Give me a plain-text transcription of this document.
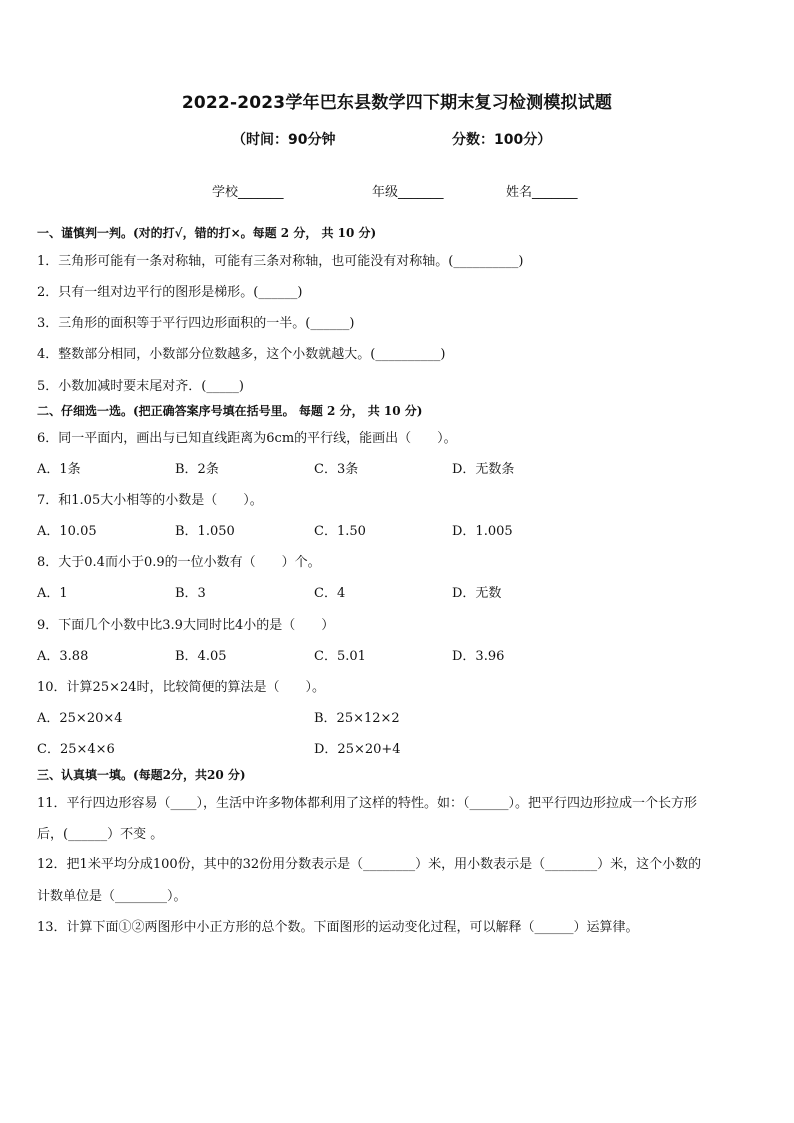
2022-2023学年巴东县数学四下期末复习检测模拟试题
（时间：90分钟	分数：100分）
学校_______	年级_______	姓名_______
一、谨慎判一判。(对的打√，错的打×。每题 2 分， 共 10 分)
1．三角形可能有一条对称轴，可能有三条对称轴，也可能没有对称轴。(__________)
2．只有一组对边平行的图形是梯形。(______)
3．三角形的面积等于平行四边形面积的一半。(______)
4．整数部分相同，小数部分位数越多，这个小数就越大。(__________)
5．小数加减时要末尾对齐．(_____)
二、仔细选一选。(把正确答案序号填在括号里。 每题 2 分， 共 10 分)
6．同一平面内，画出与已知直线距离为6cm的平行线，能画出（　　）。
A．1条	B．2条	C．3条	D．无数条
7．和1.05大小相等的小数是（　　）。
A．10.05	B．1.050	C．1.50	D．1.005
8．大于0.4而小于0.9的一位小数有（　　）个。
A．1	B．3	C．4	D．无数
9．下面几个小数中比3.9大同时比4小的是（　　）
A．3.88	B．4.05	C．5.01	D．3.96
10．计算25×24时，比较简便的算法是（　　）。
A．25×20×4	B．25×12×2
C．25×4×6	D．25×20+4
三、认真填一填。(每题2分，共20 分)
11．平行四边形容易（____），生活中许多物体都利用了这样的特性。如：（______）。把平行四边形拉成一个长方形
后，(______）不变 。
12．把1米平均分成100份，其中的32份用分数表示是（________）米，用小数表示是（________）米，这个小数的
计数单位是（________）。
13．计算下面①②两图形中小正方形的总个数。下面图形的运动变化过程，可以解释（______）运算律。
